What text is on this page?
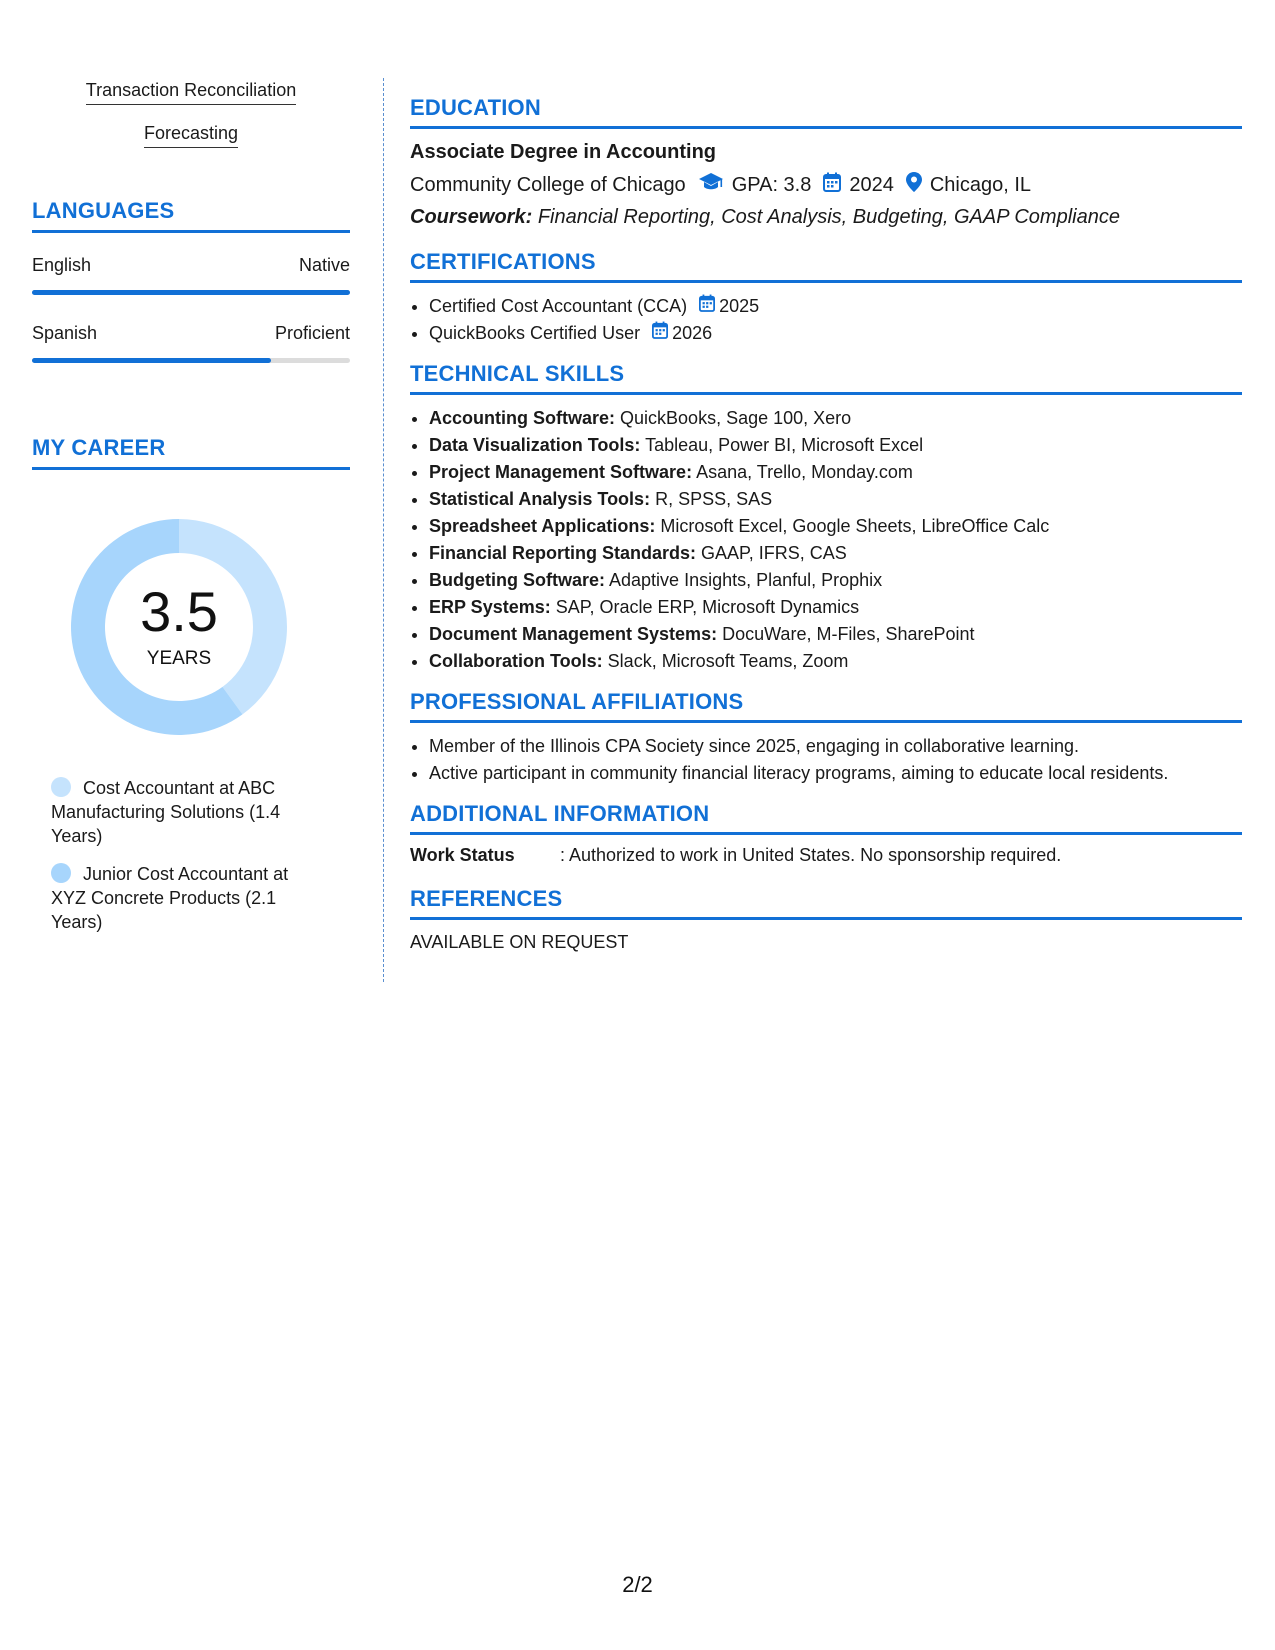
Transaction Reconciliation
Forecasting
LANGUAGES
English	Native
Spanish	Proficient
MY CAREER
3.5
YEARS
Cost Accountant at ABC Manufacturing Solutions (1.4 Years)
Junior Cost Accountant at XYZ Concrete Products (2.1 Years)
EDUCATION
Associate Degree in Accounting
Community College of Chicago GPA: 3.8 2024 Chicago, IL
Coursework: Financial Reporting, Cost Analysis, Budgeting, GAAP Compliance
CERTIFICATIONS
• Certified Cost Accountant (CCA) 2025
• QuickBooks Certified User 2026
TECHNICAL SKILLS
• Accounting Software: QuickBooks, Sage 100, Xero
• Data Visualization Tools: Tableau, Power BI, Microsoft Excel
• Project Management Software: Asana, Trello, Monday.com
• Statistical Analysis Tools: R, SPSS, SAS
• Spreadsheet Applications: Microsoft Excel, Google Sheets, LibreOffice Calc
• Financial Reporting Standards: GAAP, IFRS, CAS
• Budgeting Software: Adaptive Insights, Planful, Prophix
• ERP Systems: SAP, Oracle ERP, Microsoft Dynamics
• Document Management Systems: DocuWare, M-Files, SharePoint
• Collaboration Tools: Slack, Microsoft Teams, Zoom
PROFESSIONAL AFFILIATIONS
• Member of the Illinois CPA Society since 2025, engaging in collaborative learning.
• Active participant in community financial literacy programs, aiming to educate local residents.
ADDITIONAL INFORMATION
Work Status	: Authorized to work in United States. No sponsorship required.
REFERENCES
AVAILABLE ON REQUEST
2/2
